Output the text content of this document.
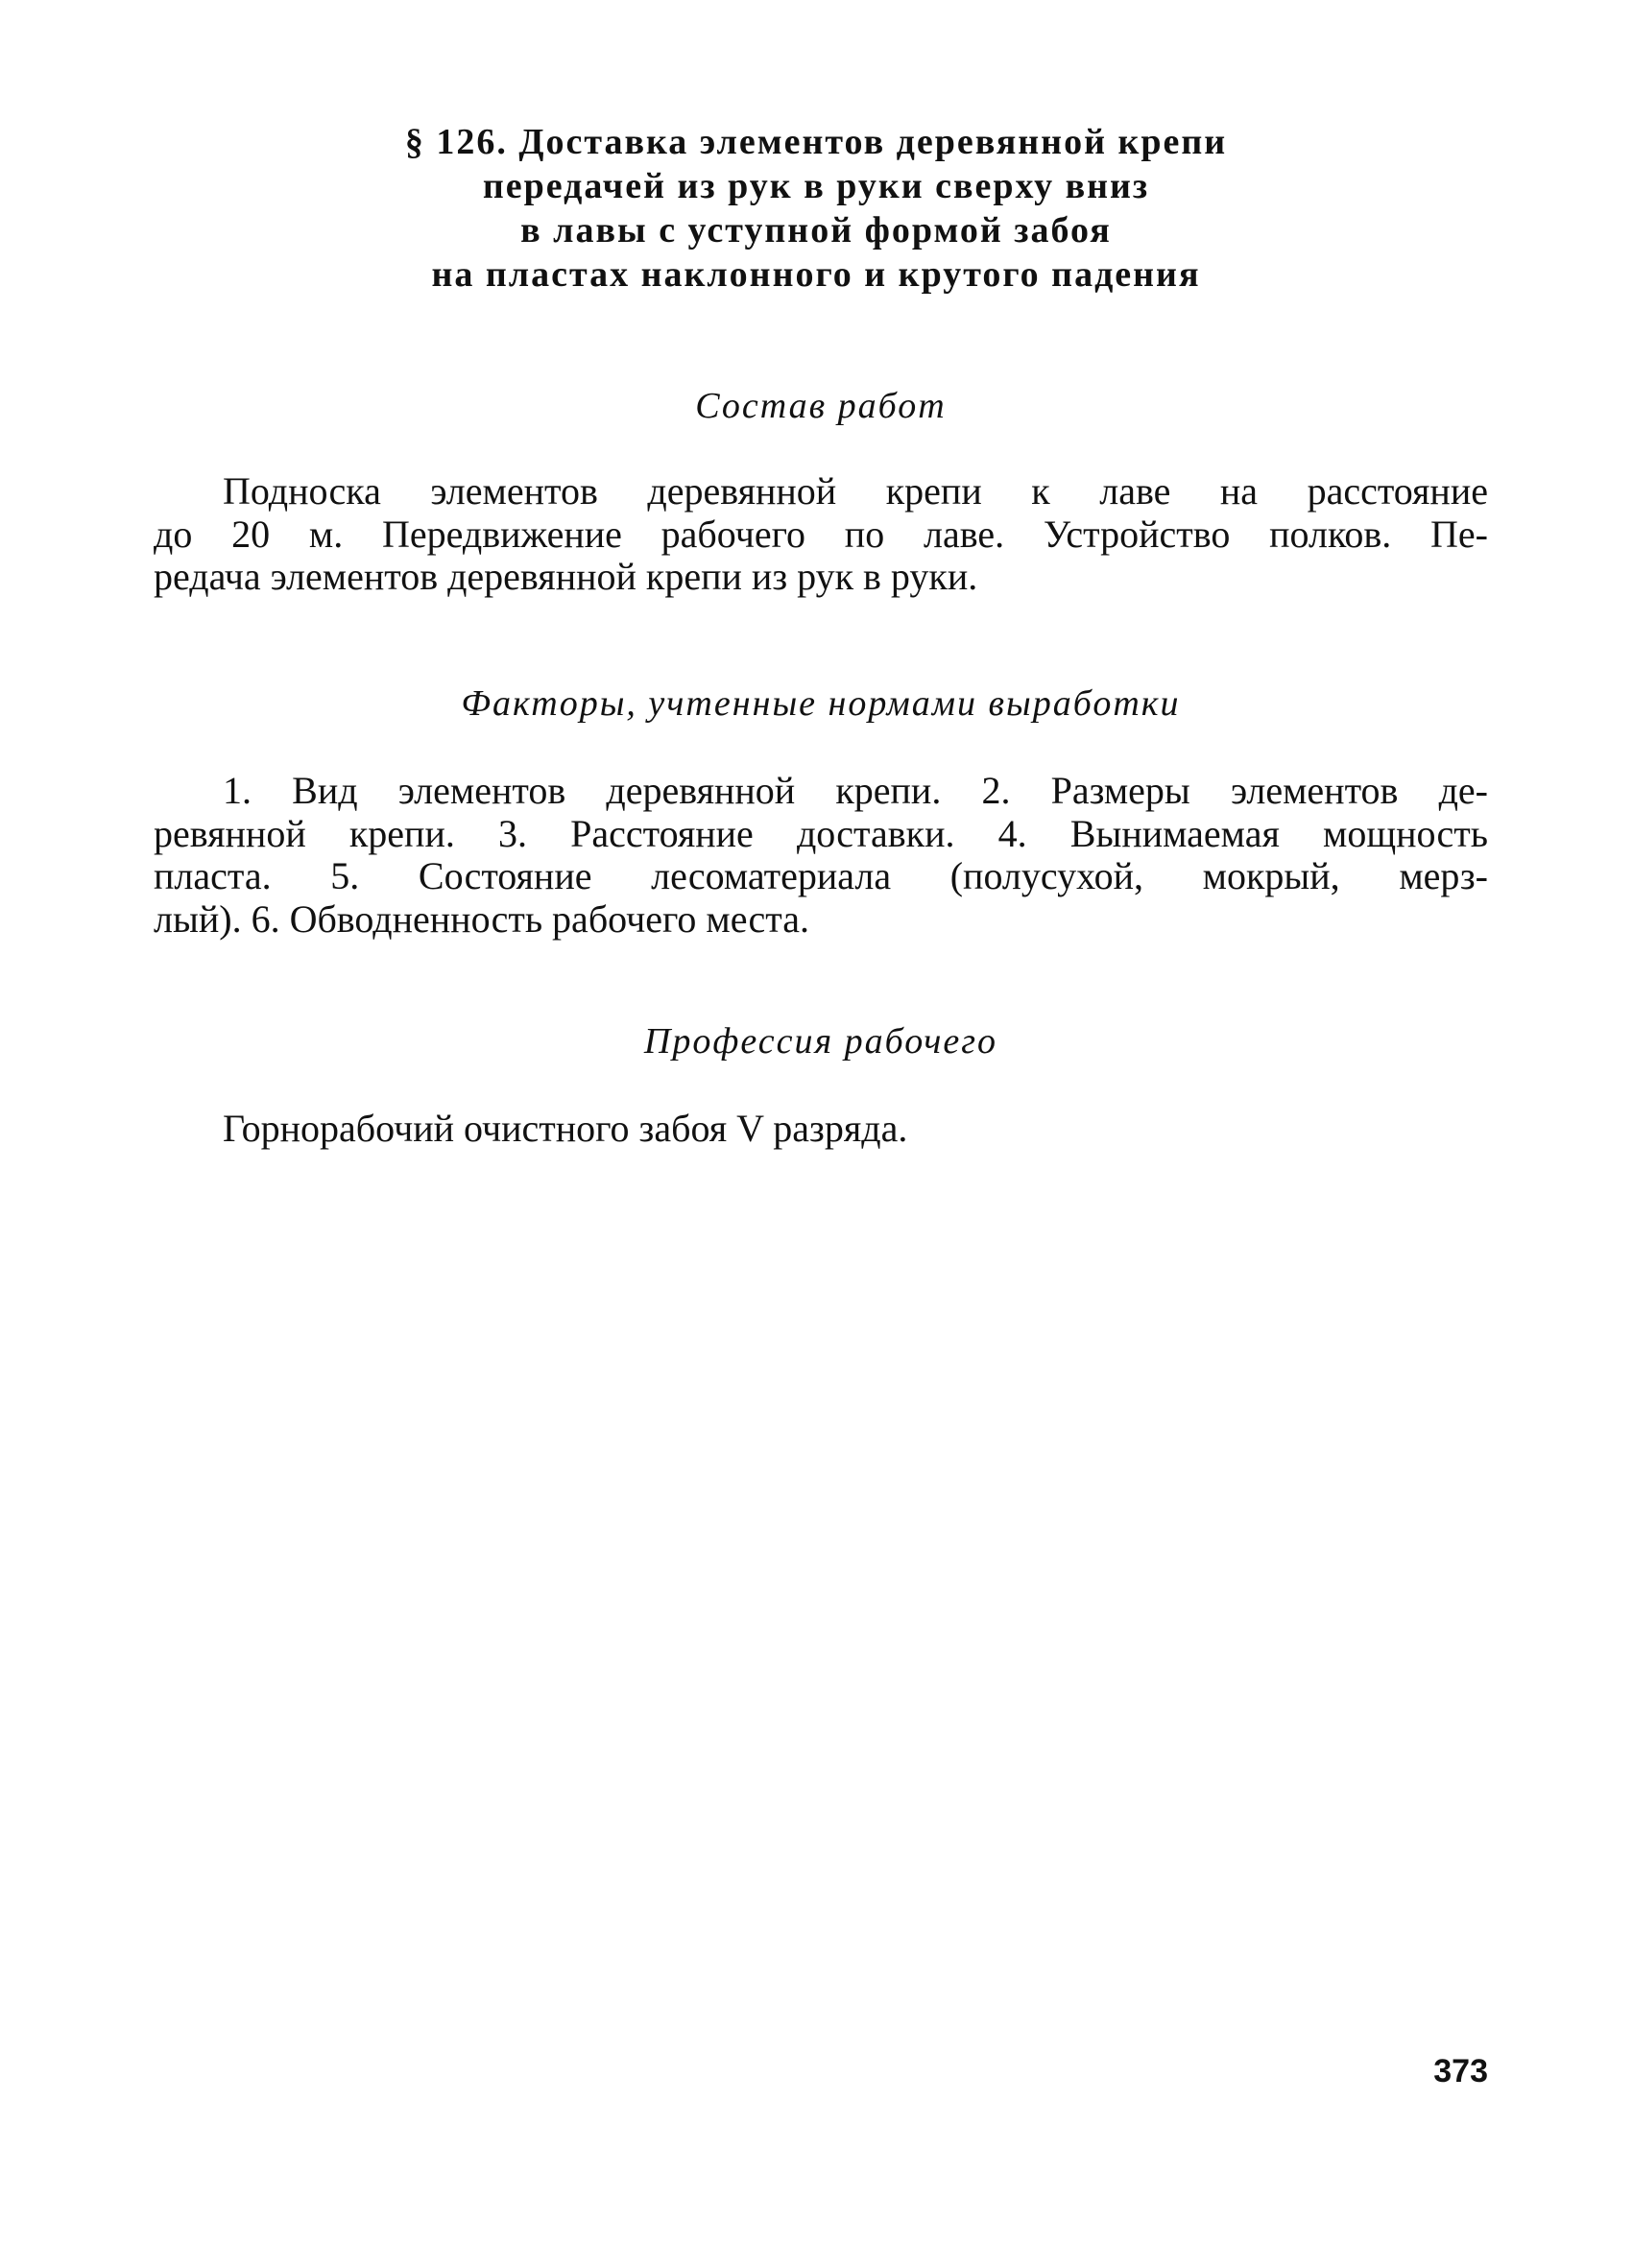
§ 126. Доставка элементов деревянной крепи
передачей из рук в руки сверху вниз
в лавы с уступной формой забоя
на пластах наклонного и крутого падения
Состав работ
Подноска элементов деревянной крепи к лаве на расстояние
до 20 м. Передвижение рабочего по лаве. Устройство полков. Пе-
редача элементов деревянной крепи из рук в руки.
Факторы, учтенные нормами выработки
1. Вид элементов деревянной крепи. 2. Размеры элементов де-
ревянной крепи. 3. Расстояние доставки. 4. Вынимаемая мощность
пласта. 5. Состояние лесоматериала (полусухой, мокрый, мерз-
лый). 6. Обводненность рабочего места.
Профессия рабочего
Горнорабочий очистного забоя V разряда.
373
